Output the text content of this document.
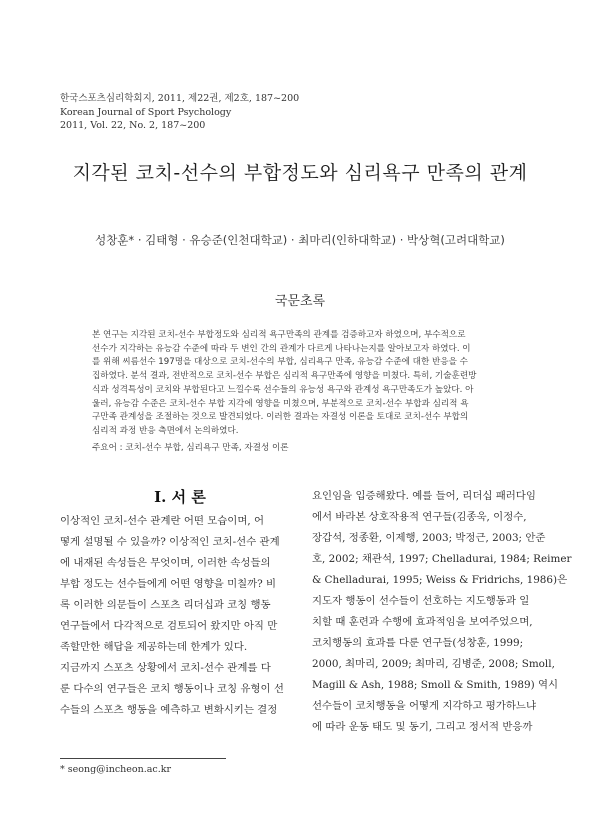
한국스포츠심리학회지, 2011, 제22권, 제2호, 187~200
Korean Journal of Sport Psychology
2011, Vol. 22, No. 2, 187~200
지각된 코치-선수의 부합정도와 심리욕구 만족의 관계
성창훈* · 김태형 · 유승준(인천대학교) · 최마리(인하대학교) · 박상혁(고려대학교)
국문초록
본 연구는 지각된 코치-선수 부합정도와 심리적 욕구만족의 관계를 검증하고자 하였으며, 부수적으로
선수가 지각하는 유능감 수준에 따라 두 변인 간의 관계가 다르게 나타나는지를 알아보고자 하였다. 이
를 위해 씨름선수 197명을 대상으로 코치-선수의 부합, 심리욕구 만족, 유능감 수준에 대한 반응을 수
집하였다. 분석 결과, 전반적으로 코치-선수 부합은 심리적 욕구만족에 영향을 미쳤다. 특히, 기술훈련방
식과 성격특성이 코치와 부합된다고 느낄수록 선수들의 유능성 욕구와 관계성 욕구만족도가 높았다. 아
울러, 유능감 수준은 코치-선수 부합 지각에 영향을 미쳤으며, 부분적으로 코치-선수 부합과 심리적 욕
구만족 관계성을 조절하는 것으로 발견되었다. 이러한 결과는 자결성 이론을 토대로 코치-선수 부합의
심리적 과정 반응 측면에서 논의하였다.
주요어 : 코치-선수 부합, 심리욕구 만족, 자결성 이론
I. 서 론
이상적인 코치-선수 관계란 어떤 모습이며, 어
떻게 설명될 수 있을까? 이상적인 코치-선수 관계
에 내재된 속성들은 무엇이며, 이러한 속성들의
부합 정도는 선수들에게 어떤 영향을 미칠까? 비
록 이러한 의문들이 스포츠 리더십과 코칭 행동
연구들에서 다각적으로 검토되어 왔지만 아직 만
족할만한 해답을 제공하는데 한계가 있다.
지금까지 스포츠 상황에서 코치-선수 관계를 다
룬 다수의 연구들은 코치 행동이나 코칭 유형이 선
수들의 스포츠 행동을 예측하고 변화시키는 결정
요인임을 입증해왔다. 예를 들어, 리더십 패러다임
에서 바라본 상호작용적 연구들(김종욱, 이정수,
장갑석, 정종환, 이제행, 2003; 박정근, 2003; 안준
호, 2002; 채관석, 1997; Chelladurai, 1984; Reimer
& Chelladurai, 1995; Weiss & Fridrichs, 1986)은
지도자 행동이 선수들이 선호하는 지도행동과 일
치할 때 훈련과 수행에 효과적임을 보여주었으며,
코치행동의 효과를 다룬 연구들(성창훈, 1999;
2000, 최마리, 2009; 최마리, 김병준, 2008; Smoll,
Magill & Ash, 1988; Smoll & Smith, 1989) 역시
선수들이 코치행동을 어떻게 지각하고 평가하느냐
에 따라 운동 태도 및 동기, 그리고 정서적 반응까
* seong@incheon.ac.kr
